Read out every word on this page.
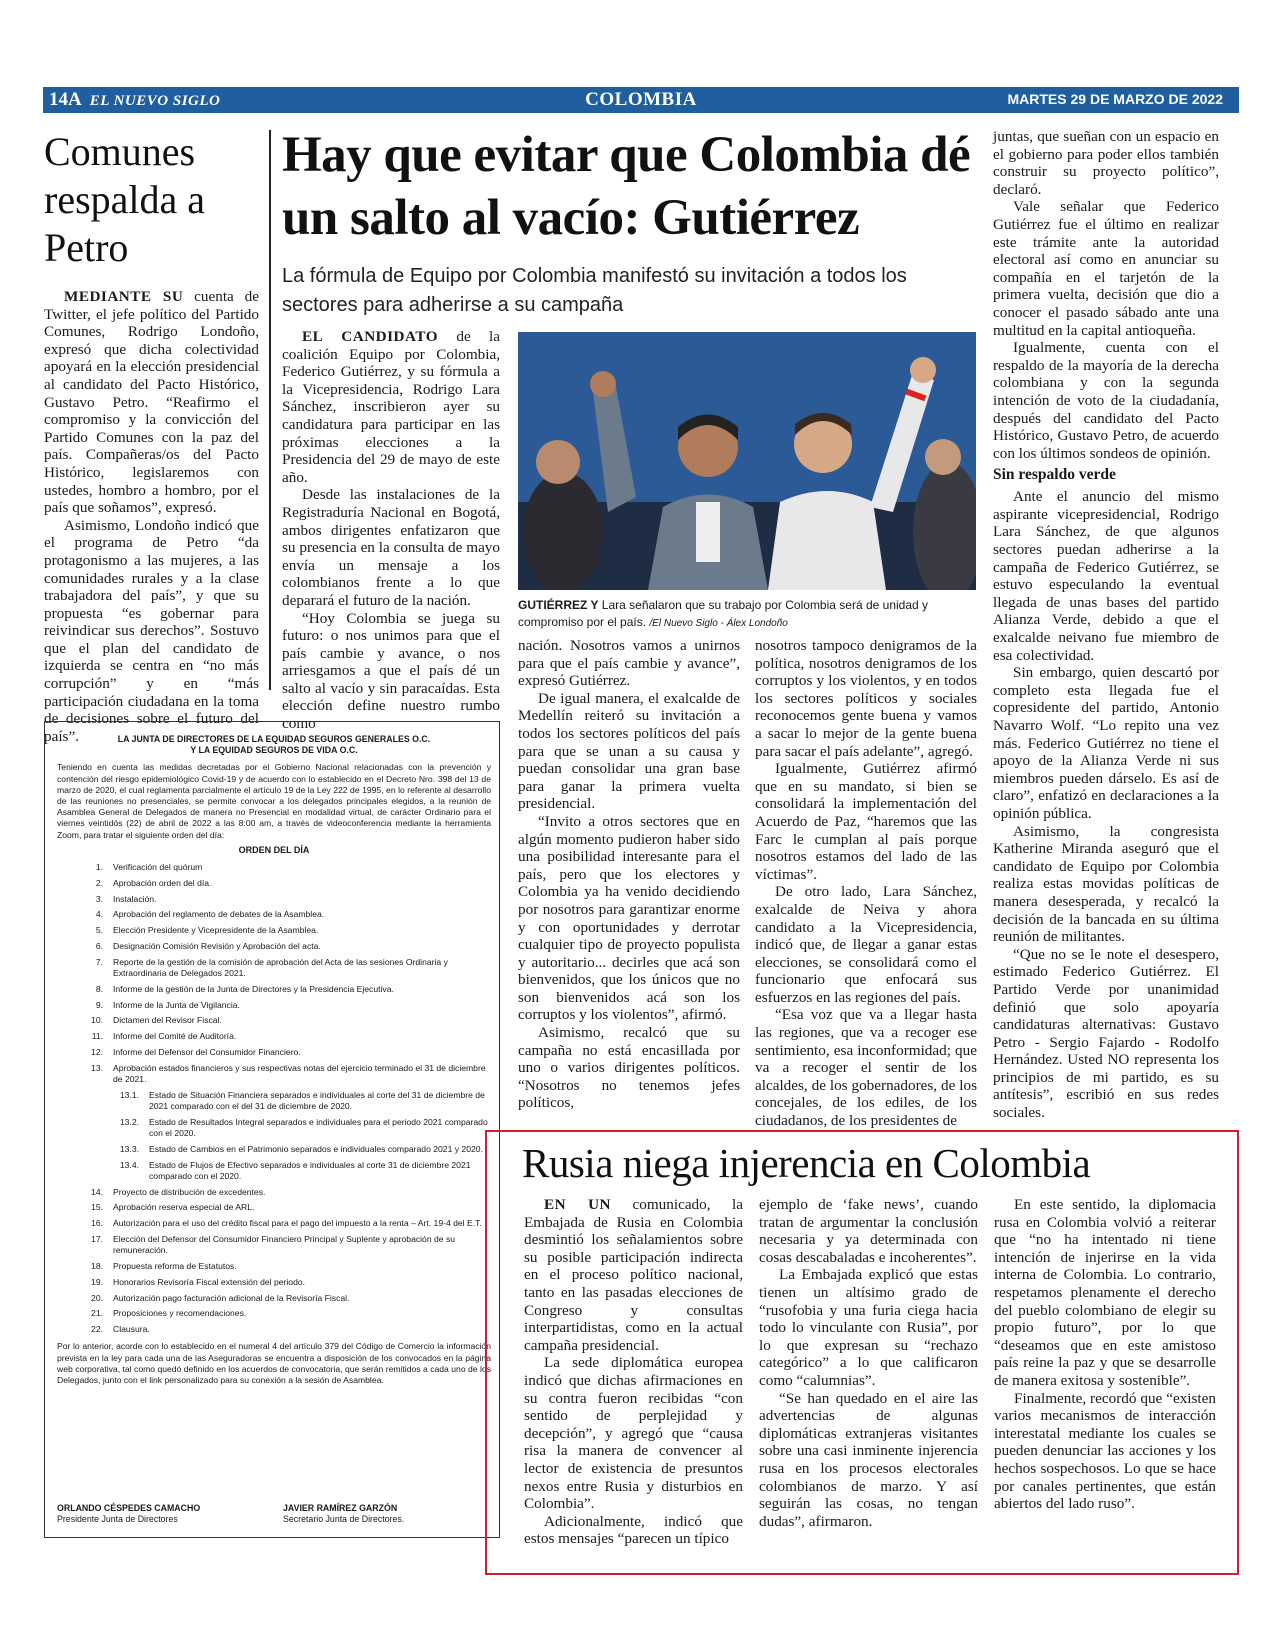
14A EL NUEVO SIGLO	COLOMBIA	MARTES 29 DE MARZO DE 2022
Comunes respalda a Petro

MEDIANTE SU cuenta de Twitter, el jefe político del Partido Comunes, Rodrigo Londoño, expresó que dicha colectividad apoyará en la elección presidencial al candidato del Pacto Histórico, Gustavo Petro. “Reafirmo el compromiso y la convicción del Partido Comunes con la paz del país. Compañeras/os del Pacto Histórico, legislaremos con ustedes, hombro a hombro, por el país que soñamos”, expresó.

Asimismo, Londoño indicó que el programa de Petro “da protagonismo a las mujeres, a las comunidades rurales y a la clase trabajadora del país”, y que su propuesta “es gobernar para reivindicar sus derechos”. Sostuvo que el plan del candidato de izquierda se centra en “no más corrupción” y en “más participación ciudadana en la toma de decisiones sobre el futuro del país”.

Hay que evitar que Colombia dé un salto al vacío: Gutiérrez
La fórmula de Equipo por Colombia manifestó su invitación a todos los sectores para adherirse a su campaña

EL CANDIDATO de la coalición Equipo por Colombia, Federico Gutiérrez, y su fórmula a la Vicepresidencia, Rodrigo Lara Sánchez, inscribieron ayer su candidatura para participar en las próximas elecciones a la Presidencia del 29 de mayo de este año.

Desde las instalaciones de la Registraduría Nacional en Bogotá, ambos dirigentes enfatizaron que su presencia en la consulta de mayo envía un mensaje a los colombianos frente a lo que deparará el futuro de la nación.

“Hoy Colombia se juega su futuro: o nos unimos para que el país cambie y avance, o nos arriesgamos a que el país dé un salto al vacío y sin paracaídas. Esta elección define nuestro rumbo como

GUTIÉRREZ Y Lara señalaron que su trabajo por Colombia será de unidad y compromiso por el país. /El Nuevo Siglo - Álex Londoño

nación. Nosotros vamos a unirnos para que el país cambie y avance”, expresó Gutiérrez.

De igual manera, el exalcalde de Medellín reiteró su invitación a todos los sectores políticos del país para que se unan a su causa y puedan consolidar una gran base para ganar la primera vuelta presidencial.

“Invito a otros sectores que en algún momento pudieron haber sido una posibilidad interesante para el país, pero que los electores y Colombia ya ha venido decidiendo por nosotros para garantizar enorme y con oportunidades y derrotar cualquier tipo de proyecto populista y autoritario... decirles que acá son bienvenidos, que los únicos que no son bienvenidos acá son los corruptos y los violentos”, afirmó.

Asimismo, recalcó que su campaña no está encasillada por uno o varios dirigentes políticos. “Nosotros no tenemos jefes políticos,

nosotros tampoco denigramos de la política, nosotros denigramos de los corruptos y los violentos, y en todos los sectores políticos y sociales reconocemos gente buena y vamos a sacar lo mejor de la gente buena para sacar el país adelante”, agregó.

Igualmente, Gutiérrez afirmó que en su mandato, si bien se consolidará la implementación del Acuerdo de Paz, “haremos que las Farc le cumplan al país porque nosotros estamos del lado de las víctimas”.

De otro lado, Lara Sánchez, exalcalde de Neiva y ahora candidato a la Vicepresidencia, indicó que, de llegar a ganar estas elecciones, se consolidará como el funcionario que enfocará sus esfuerzos en las regiones del país.

“Esa voz que va a llegar hasta las regiones, que va a recoger ese sentimiento, esa inconformidad; que va a recoger el sentir de los alcaldes, de los gobernadores, de los concejales, de los ediles, de los ciudadanos, de los presidentes de

juntas, que sueñan con un espacio en el gobierno para poder ellos también construir su proyecto político”, declaró.

Vale señalar que Federico Gutiérrez fue el último en realizar este trámite ante la autoridad electoral así como en anunciar su compañía en el tarjetón de la primera vuelta, decisión que dio a conocer el pasado sábado ante una multitud en la capital antioqueña.

Igualmente, cuenta con el respaldo de la mayoría de la derecha colombiana y con la segunda intención de voto de la ciudadanía, después del candidato del Pacto Histórico, Gustavo Petro, de acuerdo con los últimos sondeos de opinión.

Sin respaldo verde

Ante el anuncio del mismo aspirante vicepresidencial, Rodrigo Lara Sánchez, de que algunos sectores puedan adherirse a la campaña de Federico Gutiérrez, se estuvo especulando la eventual llegada de unas bases del partido Alianza Verde, debido a que el exalcalde neivano fue miembro de esa colectividad.

Sin embargo, quien descartó por completo esta llegada fue el copresidente del partido, Antonio Navarro Wolf. “Lo repito una vez más. Federico Gutiérrez no tiene el apoyo de la Alianza Verde ni sus miembros pueden dárselo. Es así de claro”, enfatizó en declaraciones a la opinión pública.

Asimismo, la congresista Katherine Miranda aseguró que el candidato de Equipo por Colombia realiza estas movidas políticas de manera desesperada, y recalcó la decisión de la bancada en su última reunión de militantes.

“Que no se le note el desespero, estimado Federico Gutiérrez. El Partido Verde por unanimidad definió que solo apoyaría candidaturas alternativas: Gustavo Petro - Sergio Fajardo - Rodolfo Hernández. Usted NO representa los principios de mi partido, es su antítesis”, escribió en sus redes sociales.

LA JUNTA DE DIRECTORES DE LA EQUIDAD SEGUROS GENERALES O.C.
Y LA EQUIDAD SEGUROS DE VIDA O.C.
Teniendo en cuenta las medidas decretadas por el Gobierno Nacional relacionadas con la prevención y contención del riesgo epidemiológico Covid-19 y de acuerdo con lo establecido en el Decreto Nro. 398 del 13 de marzo de 2020, el cual reglamenta parcialmente el artículo 19 de la Ley 222 de 1995, en lo referente al desarrollo de las reuniones no presenciales, se permite convocar a los delegados principales elegidos, a la reunión de Asamblea General de Delegados de manera no Presencial en modalidad virtual, de carácter Ordinario para el viernes veintidós (22) de abril de 2022 a las 8:00 am, a través de videoconferencia mediante la herramienta Zoom, para tratar el siguiente orden del día:
ORDEN DEL DÍA
1.	Verificación del quórum
2.	Aprobación orden del día.
3.	Instalación.
4.	Aprobación del reglamento de debates de la Asamblea.
5.	Elección Presidente y Vicepresidente de la Asamblea.
6.	Designación Comisión Revisión y Aprobación del acta.
7.	Reporte de la gestión de la comisión de aprobación del Acta de las sesiones Ordinaria y Extraordinaria de Delegados 2021.
8.	Informe de la gestión de la Junta de Directores y la Presidencia Ejecutiva.
9.	Informe de la Junta de Vigilancia.
10.	Dictamen del Revisor Fiscal.
11.	Informe del Comité de Auditoría.
12.	Informe del Defensor del Consumidor Financiero.
13.	Aprobación estados financieros y sus respectivas notas del ejercicio terminado el 31 de diciembre de 2021.
13.1.	Estado de Situación Financiera separados e individuales al corte del 31 de diciembre de 2021 comparado con el del 31 de diciembre de 2020.
13.2.	Estado de Resultados Integral separados e individuales para el periodo 2021 comparado con el 2020.
13.3.	Estado de Cambios en el Patrimonio separados e individuales comparado 2021 y 2020.
13.4.	Estado de Flujos de Efectivo separados e individuales al corte 31 de diciembre 2021 comparado con el 2020.
14.	Proyecto de distribución de excedentes.
15.	Aprobación reserva especial de ARL.
16.	Autorización para el uso del crédito fiscal para el pago del impuesto a la renta – Art. 19-4 del E.T.
17.	Elección del Defensor del Consumidor Financiero Principal y Suplente y aprobación de su remuneración.
18.	Propuesta reforma de Estatutos.
19.	Honorarios Revisoría Fiscal extensión del periodo.
20.	Autorización pago facturación adicional de la Revisoría Fiscal.
21.	Proposiciones y recomendaciones.
22.	Clausura.
Por lo anterior, acorde con lo establecido en el numeral 4 del artículo 379 del Código de Comercio la información prevista en la ley para cada una de las Aseguradoras se encuentra a disposición de los convocados en la página web corporativa, tal como quedó definido en los acuerdos de convocatoria, que serán remitidos a cada uno de los Delegados, junto con el link personalizado para su conexión a la sesión de Asamblea.
ORLANDO CÉSPEDES CAMACHO
Presidente Junta de Directores
JAVIER RAMÍREZ GARZÓN
Secretario Junta de Directores.
Rusia niega injerencia en Colombia

EN UN comunicado, la Embajada de Rusia en Colombia desmintió los señalamientos sobre su posible participación indirecta en el proceso político nacional, tanto en las pasadas elecciones de Congreso y consultas interpartidistas, como en la actual campaña presidencial.

La sede diplomática europea indicó que dichas afirmaciones en su contra fueron recibidas “con sentido de perplejidad y decepción”, y agregó que “causa risa la manera de convencer al lector de existencia de presuntos nexos entre Rusia y disturbios en Colombia”.

Adicionalmente, indicó que estos mensajes “parecen un típico

ejemplo de ‘fake news’, cuando tratan de argumentar la conclusión necesaria y ya determinada con cosas descabaladas e incoherentes”.

La Embajada explicó que estas tienen un altísimo grado de “rusofobia y una furia ciega hacia todo lo vinculante con Rusia”, por lo que expresan su “rechazo categórico” a lo que calificaron como “calumnias”.

“Se han quedado en el aire las advertencias de algunas diplomáticas extranjeras visitantes sobre una casi inminente injerencia rusa en los procesos electorales colombianos de marzo. Y así seguirán las cosas, no tengan dudas”, afirmaron.

En este sentido, la diplomacia rusa en Colombia volvió a reiterar que “no ha intentado ni tiene intención de injerirse en la vida interna de Colombia. Lo contrario, respetamos plenamente el derecho del pueblo colombiano de elegir su propio futuro”, por lo que “deseamos que en este amistoso país reine la paz y que se desarrolle de manera exitosa y sostenible”.

Finalmente, recordó que “existen varios mecanismos de interacción interestatal mediante los cuales se pueden denunciar las acciones y los hechos sospechosos. Lo que se hace por canales pertinentes, que están abiertos del lado ruso”.
